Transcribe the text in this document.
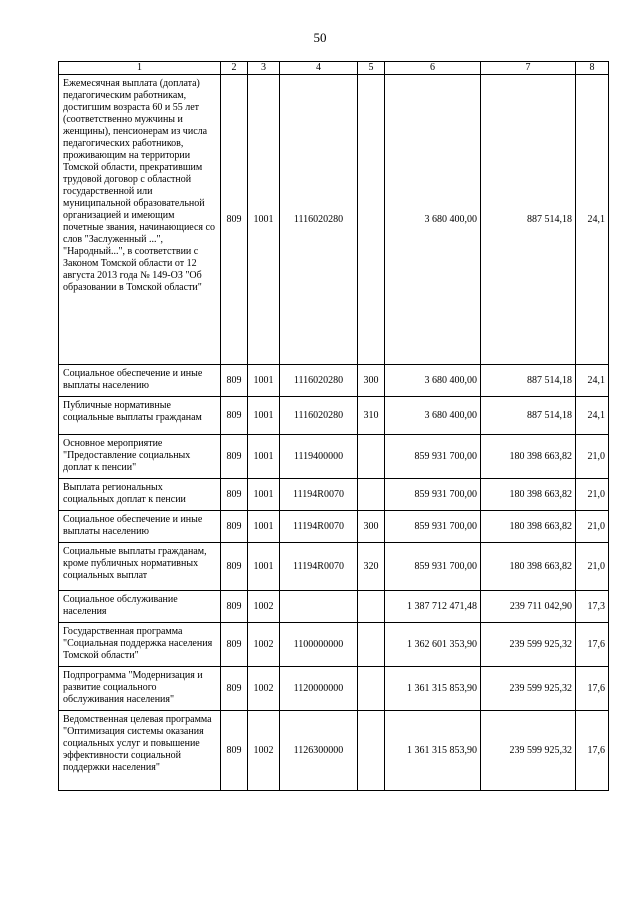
50
1	2	3	4	5	6	7	8
Ежемесячная выплата (доплата) педагогическим работникам, достигшим возраста 60 и 55 лет (соответственно мужчины и женщины), пенсионерам из числа педагогических работников, проживающим на территории Томской области, прекратившим трудовой договор с областной государственной или муниципальной образовательной организацией и имеющим почетные звания, начинающиеся со слов "Заслуженный ...", "Народный...", в соответствии с Законом Томской области от 12 августа 2013 года № 149-ОЗ "Об образовании в Томской области"	809	1001	1116020280		3 680 400,00	887 514,18	24,1
Социальное обеспечение и иные выплаты населению	809	1001	1116020280	300	3 680 400,00	887 514,18	24,1
Публичные нормативные социальные выплаты гражданам	809	1001	1116020280	310	3 680 400,00	887 514,18	24,1
Основное мероприятие "Предоставление социальных доплат к пенсии"	809	1001	1119400000		859 931 700,00	180 398 663,82	21,0
Выплата региональных социальных доплат к пенсии	809	1001	11194R0070		859 931 700,00	180 398 663,82	21,0
Социальное обеспечение и иные выплаты населению	809	1001	11194R0070	300	859 931 700,00	180 398 663,82	21,0
Социальные выплаты гражданам, кроме публичных нормативных социальных выплат	809	1001	11194R0070	320	859 931 700,00	180 398 663,82	21,0
Социальное обслуживание населения	809	1002			1 387 712 471,48	239 711 042,90	17,3
Государственная программа "Социальная поддержка населения Томской области"	809	1002	1100000000		1 362 601 353,90	239 599 925,32	17,6
Подпрограмма "Модернизация и развитие социального обслуживания населения"	809	1002	1120000000		1 361 315 853,90	239 599 925,32	17,6
Ведомственная целевая программа "Оптимизация системы оказания социальных услуг и повышение эффективности социальной поддержки населения"	809	1002	1126300000		1 361 315 853,90	239 599 925,32	17,6
